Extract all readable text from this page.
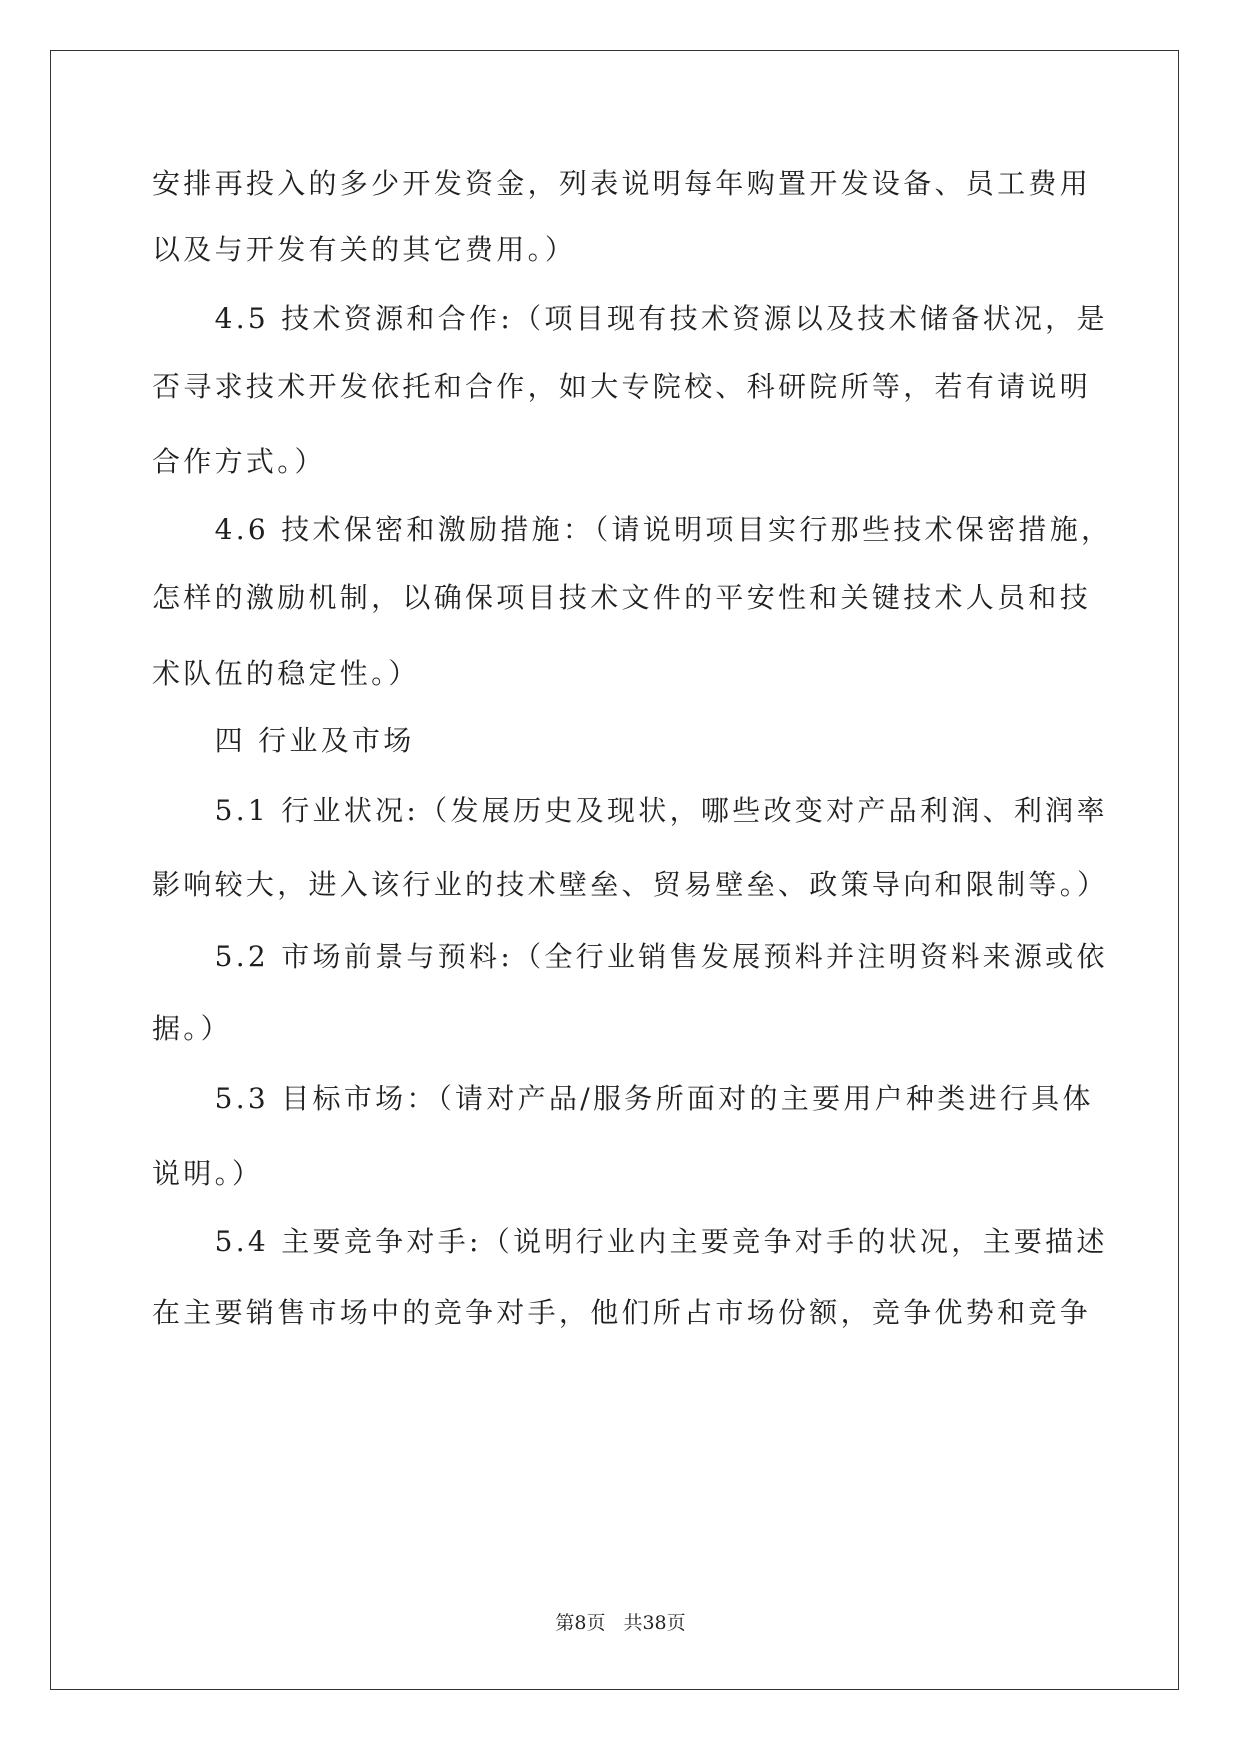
安排再投入的多少开发资金，列表说明每年购置开发设备、员工费用
以及与开发有关的其它费用。）
　　4.5 技术资源和合作:（项目现有技术资源以及技术储备状况，是
否寻求技术开发依托和合作，如大专院校、科研院所等，若有请说明
合作方式。）
　　4.6 技术保密和激励措施：（请说明项目实行那些技术保密措施，
怎样的激励机制，以确保项目技术文件的平安性和关键技术人员和技
术队伍的稳定性。）
　　四 行业及市场
　　5.1 行业状况:（发展历史及现状，哪些改变对产品利润、利润率
影响较大，进入该行业的技术壁垒、贸易壁垒、政策导向和限制等。）
　　5.2 市场前景与预料:（全行业销售发展预料并注明资料来源或依
据。）
　　5.3 目标市场：（请对产品/服务所面对的主要用户种类进行具体
说明。）
　　5.4 主要竞争对手:（说明行业内主要竞争对手的状况，主要描述
在主要销售市场中的竞争对手，他们所占市场份额，竞争优势和竞争
第8页 共38页
